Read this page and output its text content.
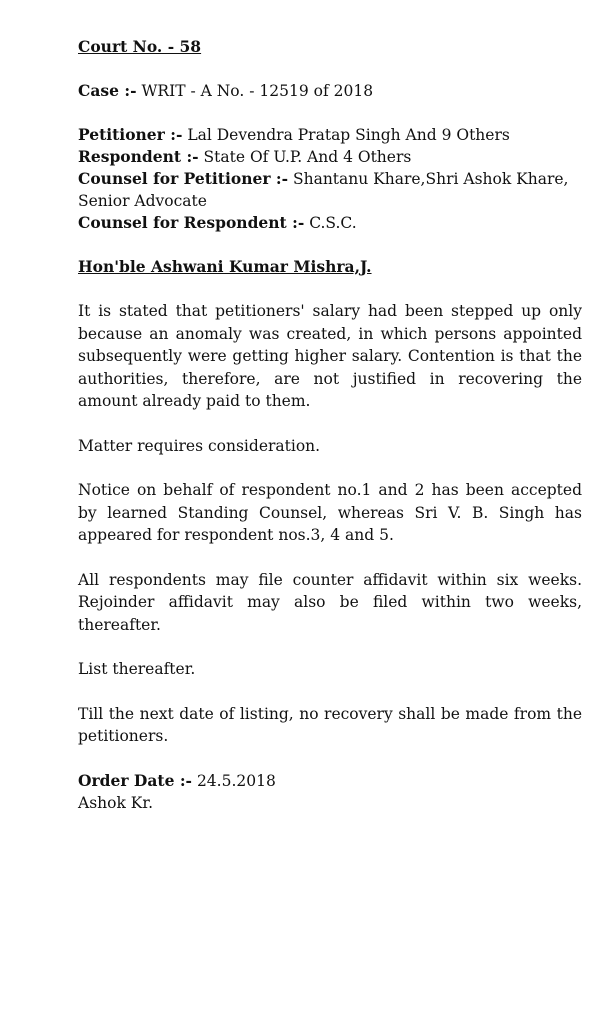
Court No. - 58

Case :- WRIT - A No. - 12519 of 2018

Petitioner :- Lal Devendra Pratap Singh And 9 Others

Respondent :- State Of U.P. And 4 Others

Counsel for Petitioner :- Shantanu Khare,Shri Ashok Khare, Senior Advocate

Counsel for Respondent :- C.S.C.

Hon'ble Ashwani Kumar Mishra,J.

It is stated that petitioners' salary had been stepped up only because an anomaly was created, in which persons appointed subsequently were getting higher salary. Contention is that the authorities, therefore, are not justified in recovering the amount already paid to them.

Matter requires consideration.

Notice on behalf of respondent no.1 and 2 has been accepted by learned Standing Counsel, whereas Sri V. B. Singh has appeared for respondent nos.3, 4 and 5.

All respondents may file counter affidavit within six weeks. Rejoinder affidavit may also be filed within two weeks, thereafter.

List thereafter.

Till the next date of listing, no recovery shall be made from the petitioners.

Order Date :- 24.5.2018

Ashok Kr.
